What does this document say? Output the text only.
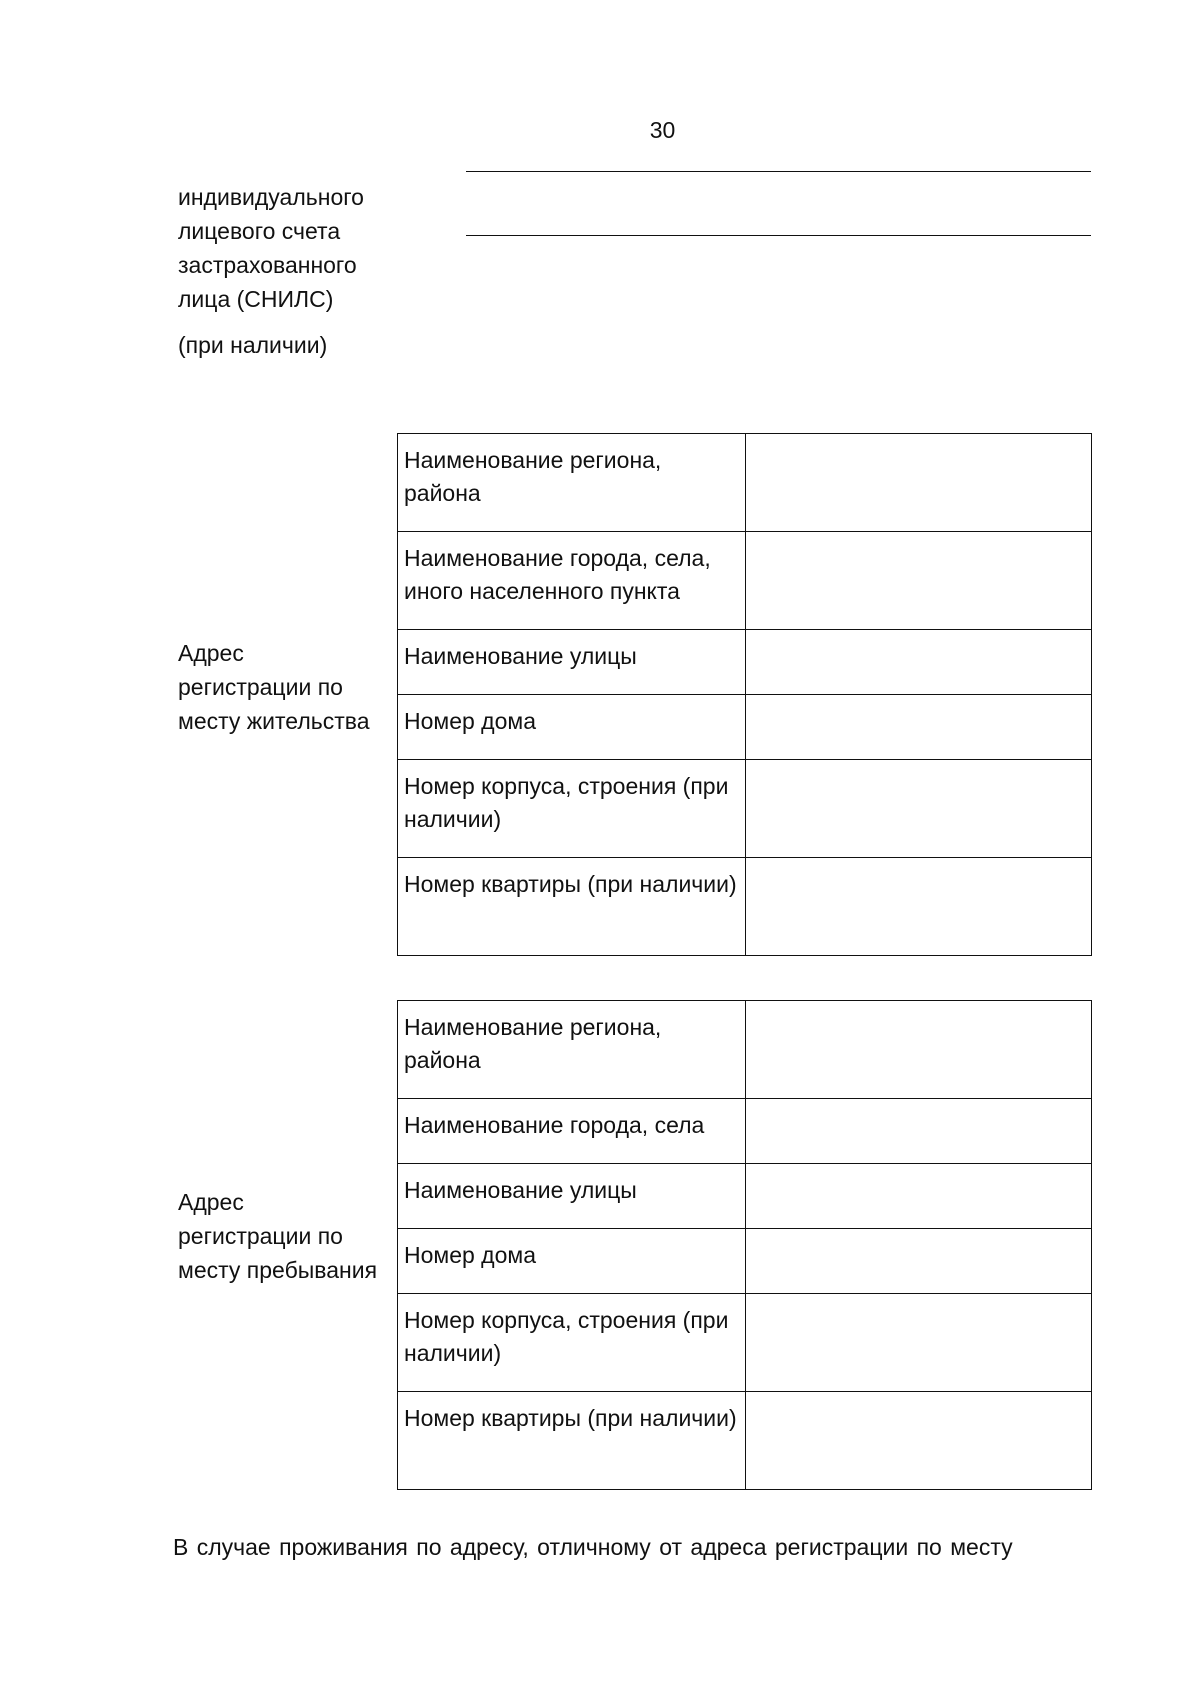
30
индивидуального
лицевого счета
застрахованного
лица (СНИЛС)
(при наличии)
Адрес
регистрации по
месту жительства
Наименование региона, района	
Наименование города, села, иного населенного пункта	
Наименование улицы	
Номер дома	
Номер корпуса, строения (при наличии)	
Номер квартиры (при наличии)	
Адрес
регистрации по
месту пребывания
Наименование региона, района	
Наименование города, села	
Наименование улицы	
Номер дома	
Номер корпуса, строения (при наличии)	
Номер квартиры (при наличии)	
В случае проживания по адресу, отличному от адреса регистрации по месту
